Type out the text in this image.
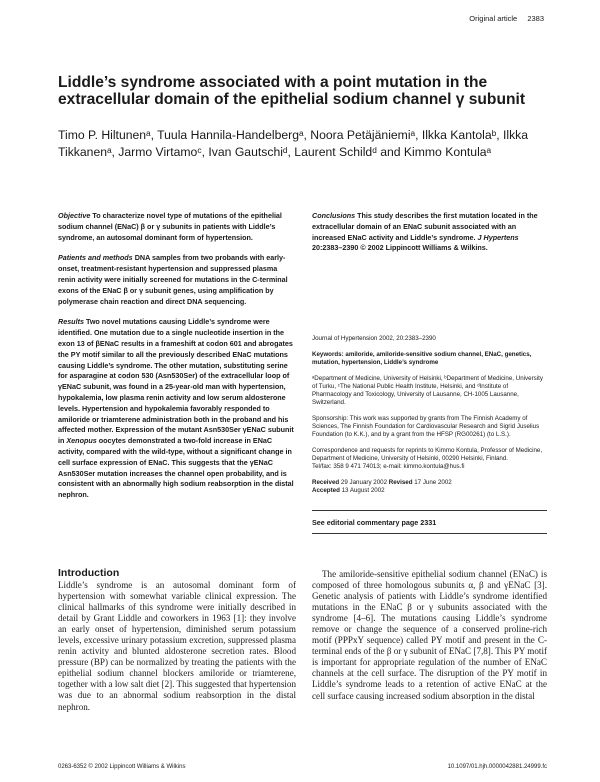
Original article 2383
Liddle’s syndrome associated with a point mutation in the extracellular domain of the epithelial sodium channel γ subunit

Timo P. Hiltunenᵃ, Tuula Hannila-Handelbergᵃ, Noora Petäjäniemiᵃ, Ilkka Kantolaᵇ, Ilkka Tikkanenᵃ, Jarmo Virtamoᶜ, Ivan Gautschiᵈ, Laurent Schildᵈ and Kimmo Kontulaᵃ

Objective To characterize novel type of mutations of the epithelial sodium channel (ENaC) β or γ subunits in patients with Liddle’s syndrome, an autosomal dominant form of hypertension.

Patients and methods DNA samples from two probands with early-onset, treatment-resistant hypertension and suppressed plasma renin activity were initially screened for mutations in the C-terminal exons of the ENaC β or γ subunit genes, using amplification by polymerase chain reaction and direct DNA sequencing.

Results Two novel mutations causing Liddle’s syndrome were identified. One mutation due to a single nucleotide insertion in the exon 13 of βENaC results in a frameshift at codon 601 and abrogates the PY motif similar to all the previously described ENaC mutations causing Liddle’s syndrome. The other mutation, substituting serine for asparagine at codon 530 (Asn530Ser) of the extracellular loop of γENaC subunit, was found in a 25-year-old man with hypertension, hypokalemia, low plasma renin activity and low serum aldosterone levels. Hypertension and hypokalemia favorably responded to amiloride or triamterene administration both in the proband and his affected mother. Expression of the mutant Asn530Ser γENaC subunit in Xenopus oocytes demonstrated a two-fold increase in ENaC activity, compared with the wild-type, without a significant change in cell surface expression of ENaC. This suggests that the γENaC Asn530Ser mutation increases the channel open probability, and is consistent with an abnormally high sodium reabsorption in the distal nephron.

Conclusions This study describes the first mutation located in the extracellular domain of an ENaC subunit associated with an increased ENaC activity and Liddle’s syndrome. J Hypertens 20:2383–2390 © 2002 Lippincott Williams & Wilkins.

Journal of Hypertension 2002, 20:2383–2390

Keywords: amiloride, amiloride-sensitive sodium channel, ENaC, genetics, mutation, hypertension, Liddle’s syndrome

ᵃDepartment of Medicine, University of Helsinki, ᵇDepartment of Medicine, University of Turku, ᶜThe National Public Health Institute, Helsinki, and ᵈInstitute of Pharmacology and Toxicology, University of Lausanne, CH-1005 Lausanne, Switzerland.

Sponsorship: This work was supported by grants from The Finnish Academy of Sciences, The Finnish Foundation for Cardiovascular Research and Sigrid Juselius Foundation (to K.K.), and by a grant from the HFSP (RG00261) (to L.S.).

Correspondence and requests for reprints to Kimmo Kontula, Professor of Medicine, Department of Medicine, University of Helsinki, 00290 Helsinki, Finland.

Tel/fax: 358 9 471 74013; e-mail: kimmo.kontula@hus.fi

Received 29 January 2002 Revised 17 June 2002
Accepted 13 August 2002

See editorial commentary page 2331
Introduction

Liddle’s syndrome is an autosomal dominant form of hypertension with somewhat variable clinical expression. The clinical hallmarks of this syndrome were initially described in detail by Grant Liddle and coworkers in 1963 [1]: they involve an early onset of hypertension, diminished serum potassium levels, excessive urinary potassium excretion, suppressed plasma renin activity and blunted aldosterone secretion rates. Blood pressure (BP) can be normalized by treating the patients with the epithelial sodium channel blockers amiloride or triamterene, together with a low salt diet [2]. This suggested that hypertension was due to an abnormal sodium reabsorption in the distal nephron.

The amiloride-sensitive epithelial sodium channel (ENaC) is composed of three homologous subunits α, β and γENaC [3]. Genetic analysis of patients with Liddle’s syndrome identified mutations in the ENaC β or γ subunits associated with the syndrome [4–6]. The mutations causing Liddle’s syndrome remove or change the sequence of a conserved proline-rich motif (PPPxY sequence) called PY motif and present in the C-terminal ends of the β or γ subunit of ENaC [7,8]. This PY motif is important for appropriate regulation of the number of ENaC channels at the cell surface. The disruption of the PY motif in Liddle’s syndrome leads to a retention of active ENaC at the cell surface causing increased sodium absorption in the distal

0263-6352 © 2002 Lippincott Williams & Wilkins	10.1097/01.hjh.0000042881.24999.fc
